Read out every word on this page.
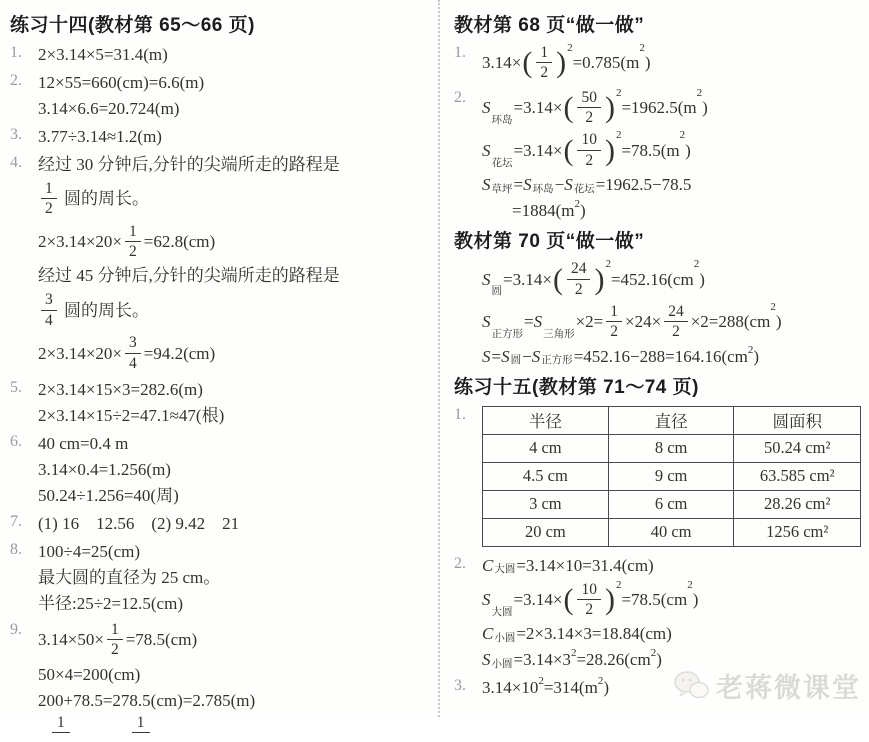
练习十四(教材第 65～66 页)
1. 2×3.14×5=31.4(m)
2. 12×55=660(cm)=6.6(m)
3.14×6.6=20.724(m)
3. 3.77÷3.14≈1.2(m)
4. 经过 30 分钟后,分针的尖端所走的路程是
$\frac{1}{2}$ 圆的周长。
$2\times 3.14\times 20\times \frac{1}{2} =62.8(cm)$
经过 45 分钟后,分针的尖端所走的路程是
$\frac{3}{4}$ 圆的周长。
$2\times 3.14\times 20\times \frac{3}{4} =94.2(cm)$
5. 2×3.14×15×3=282.6(m)
2×3.14×15÷2=47.1≈47(根)
6. 40 cm=0.4 m
3.14×0.4=1.256(m)
50.24÷1.256=40(周)
7. (1) 16　12.56　(2) 9.42　21
8. 100÷4=25(cm)
最大圆的直径为 25 cm。
半径:25÷2=12.5(cm)
9.
$3.14\times 50\times \frac{1}{2} =78.5(cm)$
50×4=200(cm)
200+78.5=278.5(cm)=2.785(m)
1	1
教材第 68 页“做一做”
1.
3.14× ( $\frac{1}{2}$ ) 2
=0.785(m
2
)
2.
S
环岛
=3.14× ( $\frac{50}{2}$ ) 2
=1962.5(m
2
)
S
花坛
=3.14× ( $\frac{10}{2}$ ) 2
=78.5(m
2
)
S 草坪 = S 环岛 − S 花坛 =1962.5−78.5
=1884(m 2 )
教材第 70 页“做一做”
S
圆
=3.14× ( $\frac{24}{2}$ ) 2
=452.16(cm
2
)
S
正方形
= S
三角形
$\times 2= \frac{1}{2} \times 24\times \frac{24}{2} \times 2=288(cm$
2
)
S = S 圆 − S 正方形 =452.16−288=164.16(cm 2 )
练习十五(教材第 71～74 页)
1.	半径	直径	圆面积
4 cm	8 cm	50.24 cm²
4.5 cm	9 cm	63.585 cm²
3 cm	6 cm	28.26 cm²
20 cm	40 cm	1256 cm²
2. C 大圆 =3.14×10=31.4(cm)
S
大圆
=3.14× ( $\frac{10}{2}$ ) 2
=78.5(cm
2
)
C 小圆 =2×3.14×3=18.84(cm)
S 小圆 =3.14×3 2 =28.26(cm 2 )
3. 3.14×10 2 =314(m 2 )	老蒋微课堂
